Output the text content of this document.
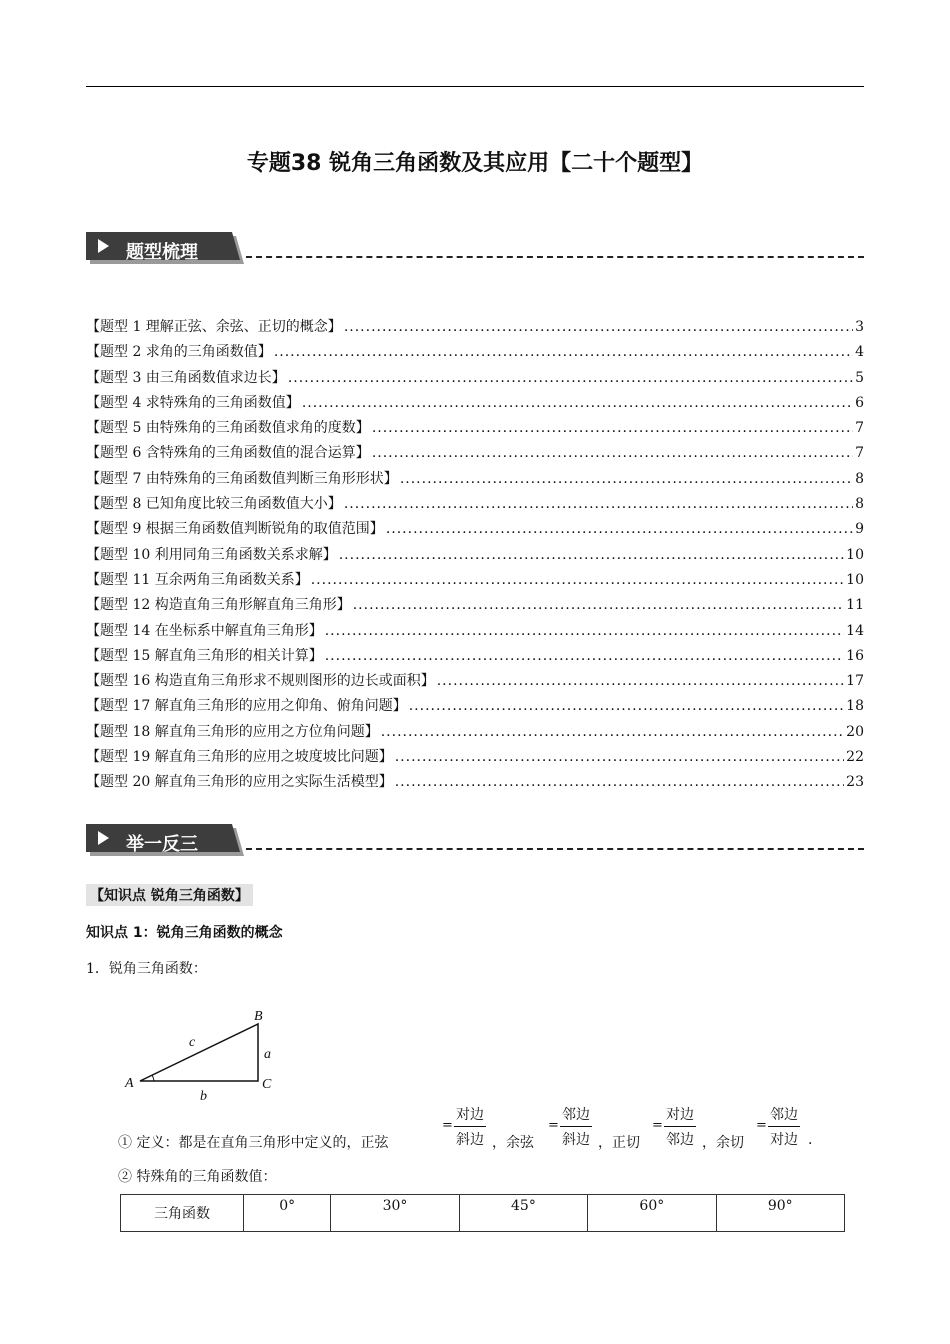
专题38 锐角三角函数及其应用【二十个题型】
题型梳理
【题型 1 理解正弦、余弦、正切的概念】 .....	3
【题型 2 求角的三角函数值】 .....	4
【题型 3 由三角函数值求边长】 .....	5
【题型 4 求特殊角的三角函数值】 .....	6
【题型 5 由特殊角的三角函数值求角的度数】 .....	7
【题型 6 含特殊角的三角函数值的混合运算】 .....	7
【题型 7 由特殊角的三角函数值判断三角形形状】 .....	8
【题型 8 已知角度比较三角函数值大小】 .....	8
【题型 9 根据三角函数值判断锐角的取值范围】 .....	9
【题型 10 利用同角三角函数关系求解】 .....	10
【题型 11 互余两角三角函数关系】 .....	10
【题型 12 构造直角三角形解直角三角形】 .....	11
【题型 14 在坐标系中解直角三角形】 .....	14
【题型 15 解直角三角形的相关计算】 .....	16
【题型 16 构造直角三角形求不规则图形的边长或面积】 .....	17
【题型 17 解直角三角形的应用之仰角、俯角问题】 .....	18
【题型 18 解直角三角形的应用之方位角问题】 .....	20
【题型 19 解直角三角形的应用之坡度坡比问题】 .....	22
【题型 20 解直角三角形的应用之实际生活模型】 .....	23
举一反三
【知识点 锐角三角函数】
知识点 1：锐角三角函数的概念
1．锐角三角函数：
B
A	C
c
a
b
① 定义：都是在直角三角形中定义的，正弦
=
对边
斜边 ，余弦
=
邻边
斜边 ，正切
=
对边
邻边 ，余切
=
邻边
对边 .
② 特殊角的三角函数值：
三角函数	0°	30°	45°	60°	90°
